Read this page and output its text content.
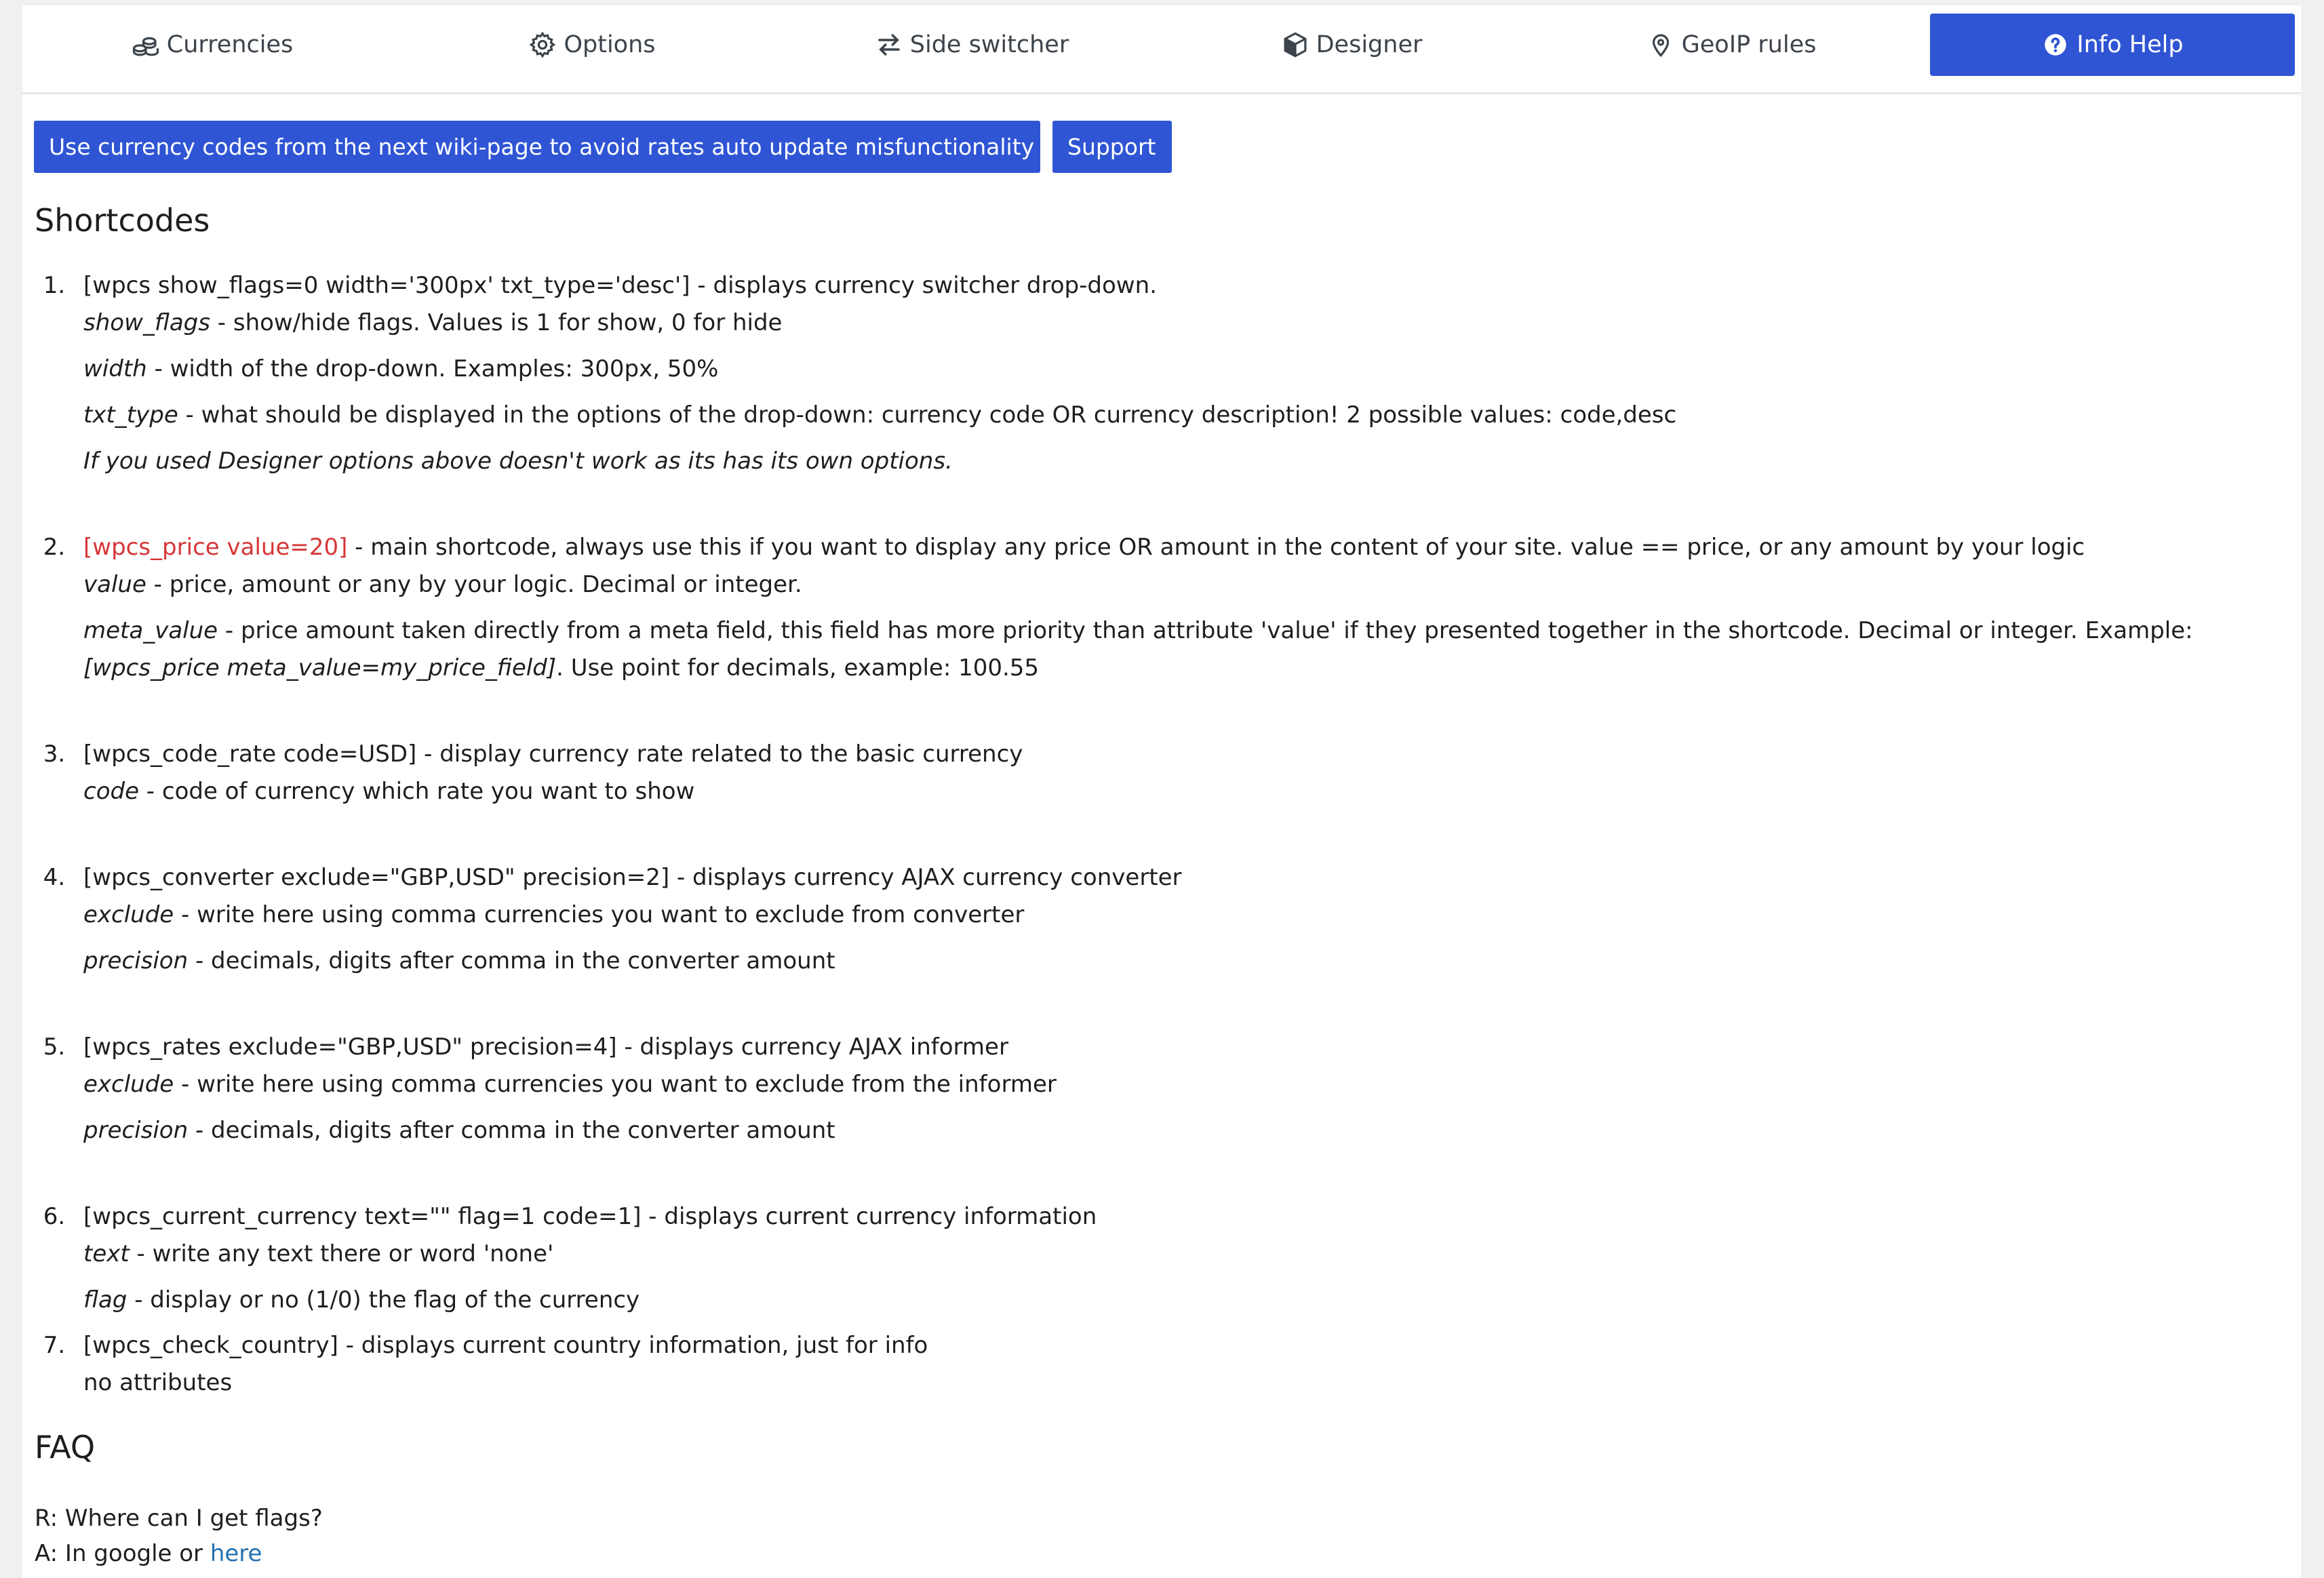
Currencies	Options	Side switcher	Designer	GeoIP rules	Info Help
Use currency codes from the next wiki-page to avoid rates auto update misfunctionality	Support
Shortcodes
1. [wpcs show_flags=0 width='300px' txt_type='desc'] - displays currency switcher drop-down.
show_flags - show/hide flags. Values is 1 for show, 0 for hide
width - width of the drop-down. Examples: 300px, 50%
txt_type - what should be displayed in the options of the drop-down: currency code OR currency description! 2 possible values: code,desc
If you used Designer options above doesn't work as its has its own options.
2. [wpcs_price value=20] - main shortcode, always use this if you want to display any price OR amount in the content of your site. value == price, or any amount by your logic
value - price, amount or any by your logic. Decimal or integer.
meta_value - price amount taken directly from a meta field, this field has more priority than attribute 'value' if they presented together in the shortcode. Decimal or integer. Example: [wpcs_price meta_value=my_price_field]. Use point for decimals, example: 100.55
3. [wpcs_code_rate code=USD] - display currency rate related to the basic currency
code - code of currency which rate you want to show
4. [wpcs_converter exclude="GBP,USD" precision=2] - displays currency AJAX currency converter
exclude - write here using comma currencies you want to exclude from converter
precision - decimals, digits after comma in the converter amount
5. [wpcs_rates exclude="GBP,USD" precision=4] - displays currency AJAX informer
exclude - write here using comma currencies you want to exclude from the informer
precision - decimals, digits after comma in the converter amount
6. [wpcs_current_currency text="" flag=1 code=1] - displays current currency information
text - write any text there or word 'none'
flag - display or no (1/0) the flag of the currency
7. [wpcs_check_country] - displays current country information, just for info
no attributes
FAQ
R: Where can I get flags?
A: In google or here
